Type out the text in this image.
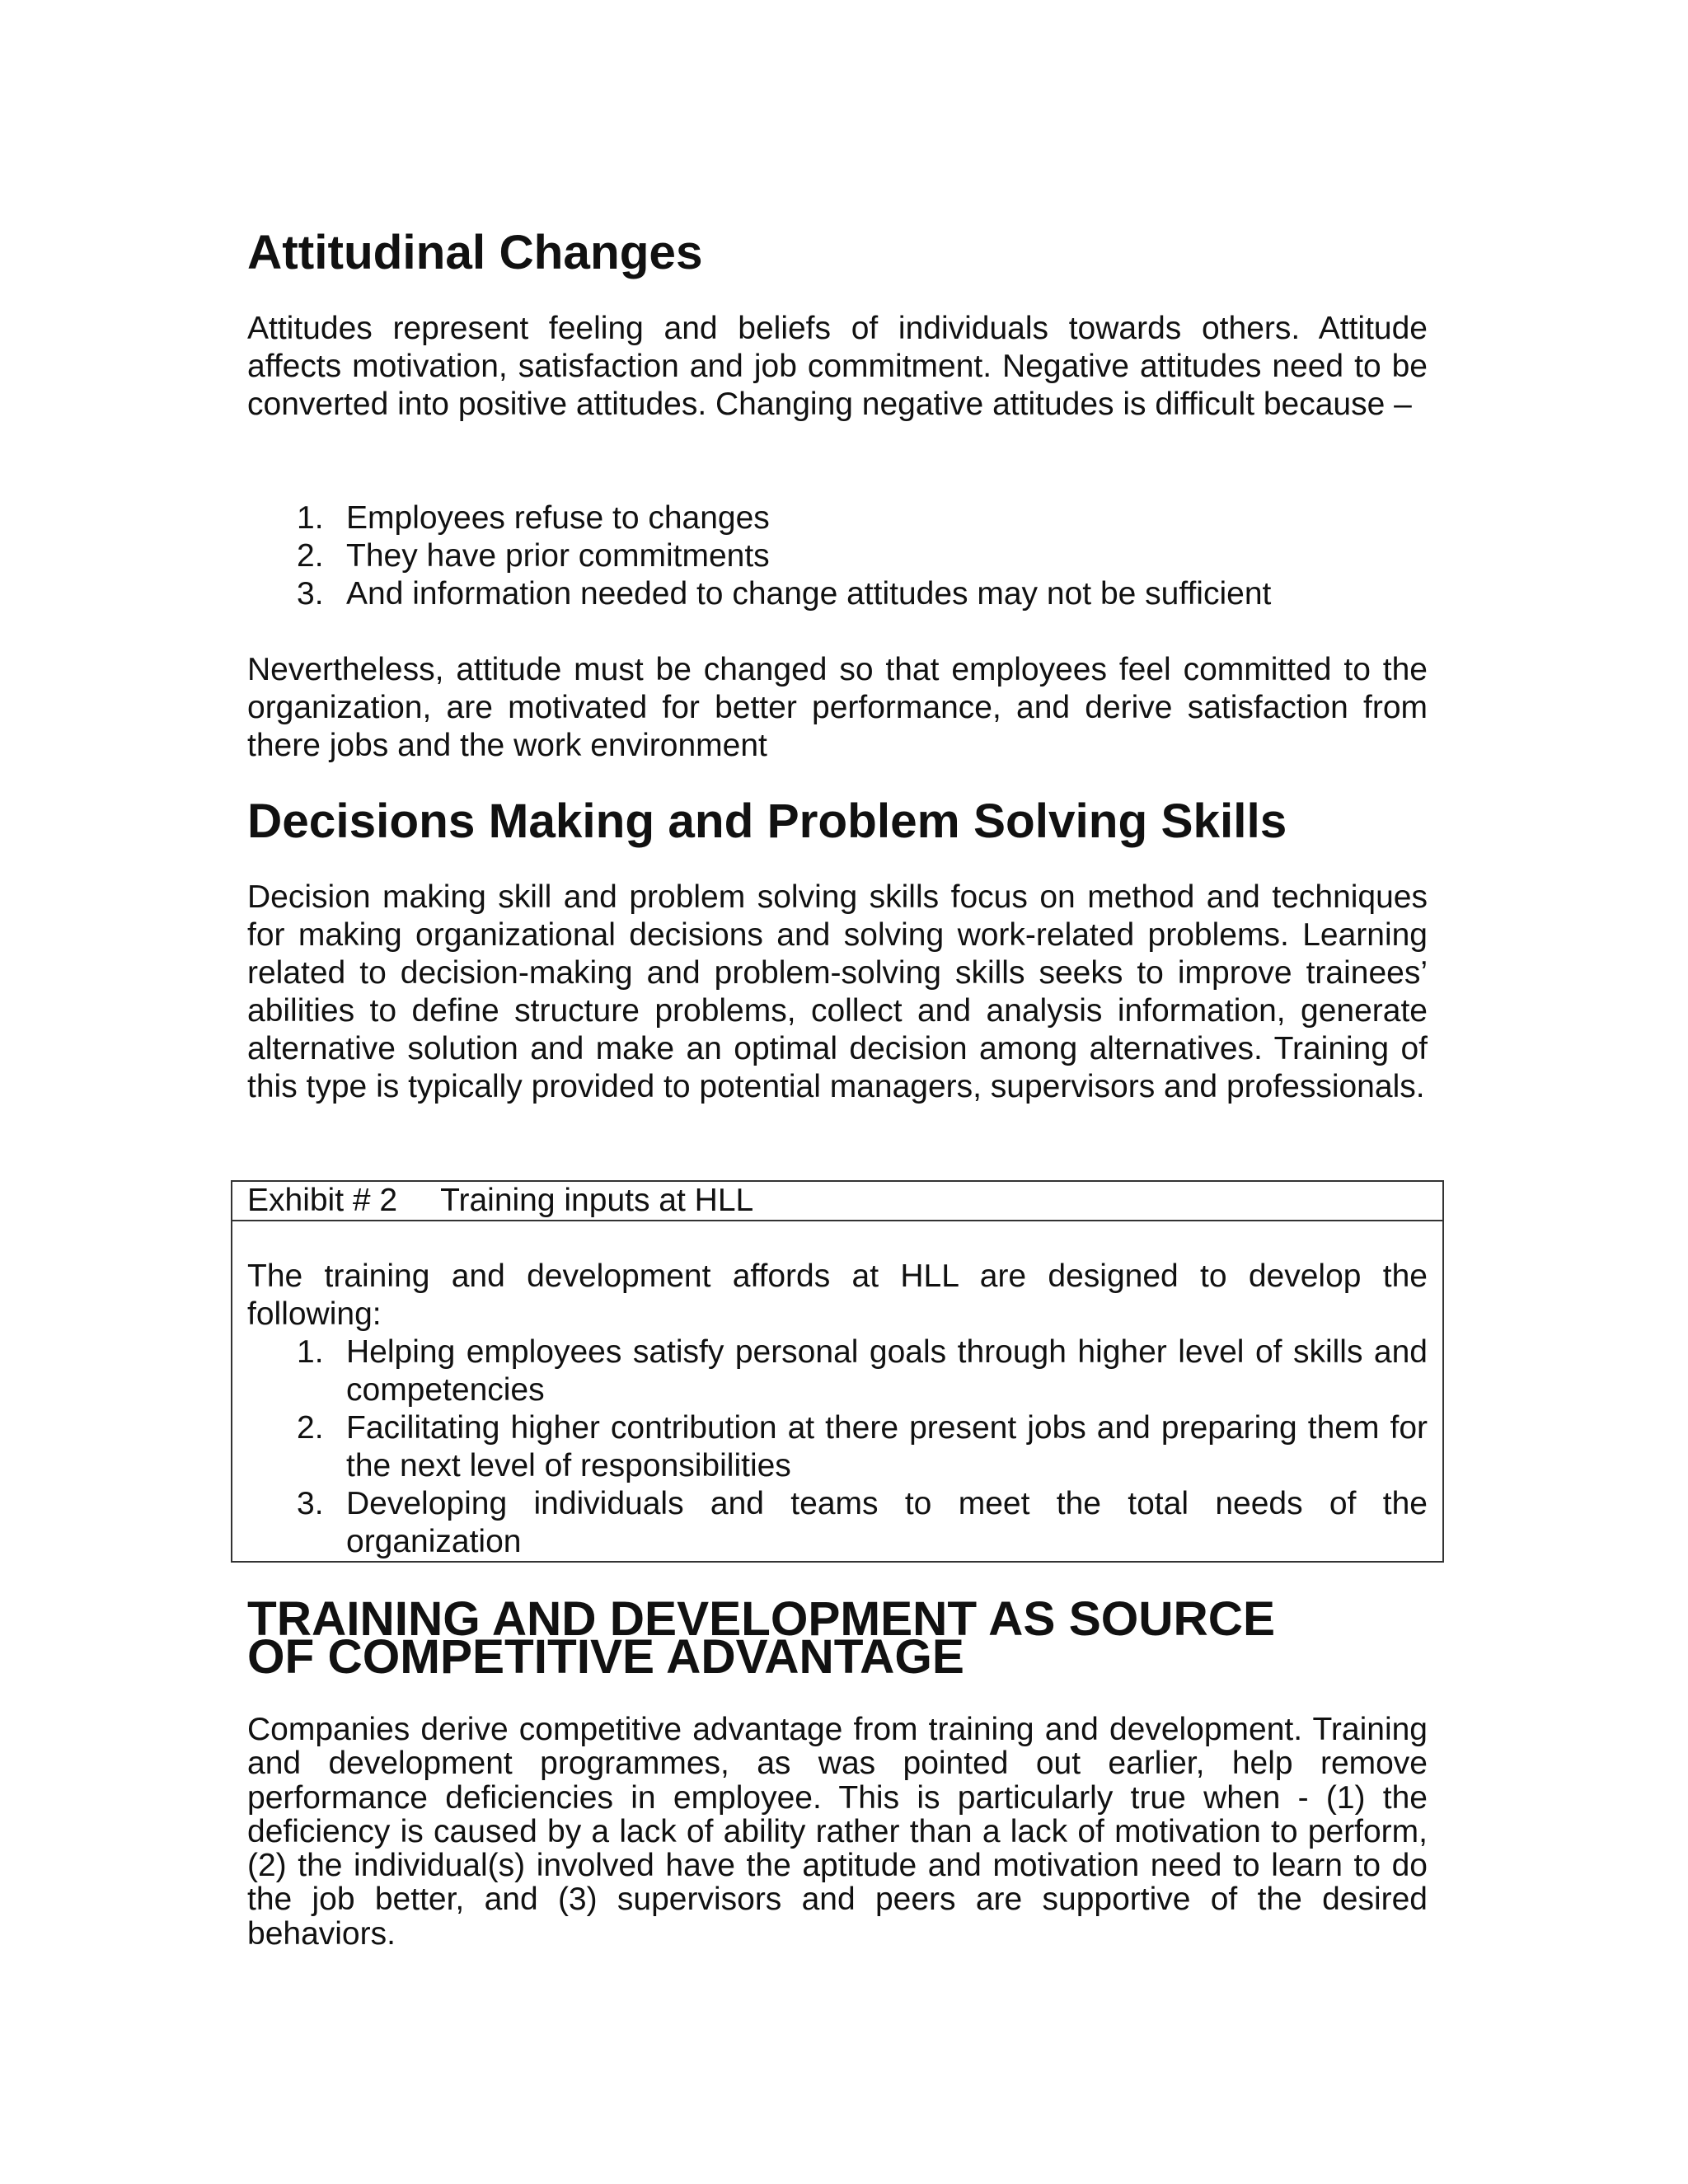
Attitudinal Changes

Attitudes represent feeling and beliefs of individuals towards others. Attitude affects motivation, satisfaction and job commitment. Negative attitudes need to be converted into positive attitudes. Changing negative attitudes is difficult because –

1. Employees refuse to changes
2. They have prior commitments
3. And information needed to change attitudes may not be sufficient

Nevertheless, attitude must be changed so that employees feel committed to the organization, are motivated for better performance, and derive satisfaction from there jobs and the work environment

Decisions Making and Problem Solving Skills

Decision making skill and problem solving skills focus on method and techniques for making organizational decisions and solving work-related problems. Learning related to decision-making and problem-solving skills seeks to improve trainees’ abilities to define structure problems, collect and analysis information, generate alternative solution and make an optimal decision among alternatives. Training of this type is typically provided to potential managers, supervisors and professionals.

Exhibit # 2 Training inputs at HLL

The training and development affords at HLL are designed to develop the following:

1. Helping employees satisfy personal goals through higher level of skills and competencies
2. Facilitating higher contribution at there present jobs and preparing them for the next level of responsibilities
3. Developing individuals and teams to meet the total needs of the organization
TRAINING AND DEVELOPMENT AS SOURCE OF COMPETITIVE ADVANTAGE

Companies derive competitive advantage from training and development. Training and development programmes, as was pointed out earlier, help remove performance deficiencies in employee. This is particularly true when - (1) the deficiency is caused by a lack of ability rather than a lack of motivation to perform, (2) the individual(s) involved have the aptitude and motivation need to learn to do the job better, and (3) supervisors and peers are supportive of the desired behaviors.
